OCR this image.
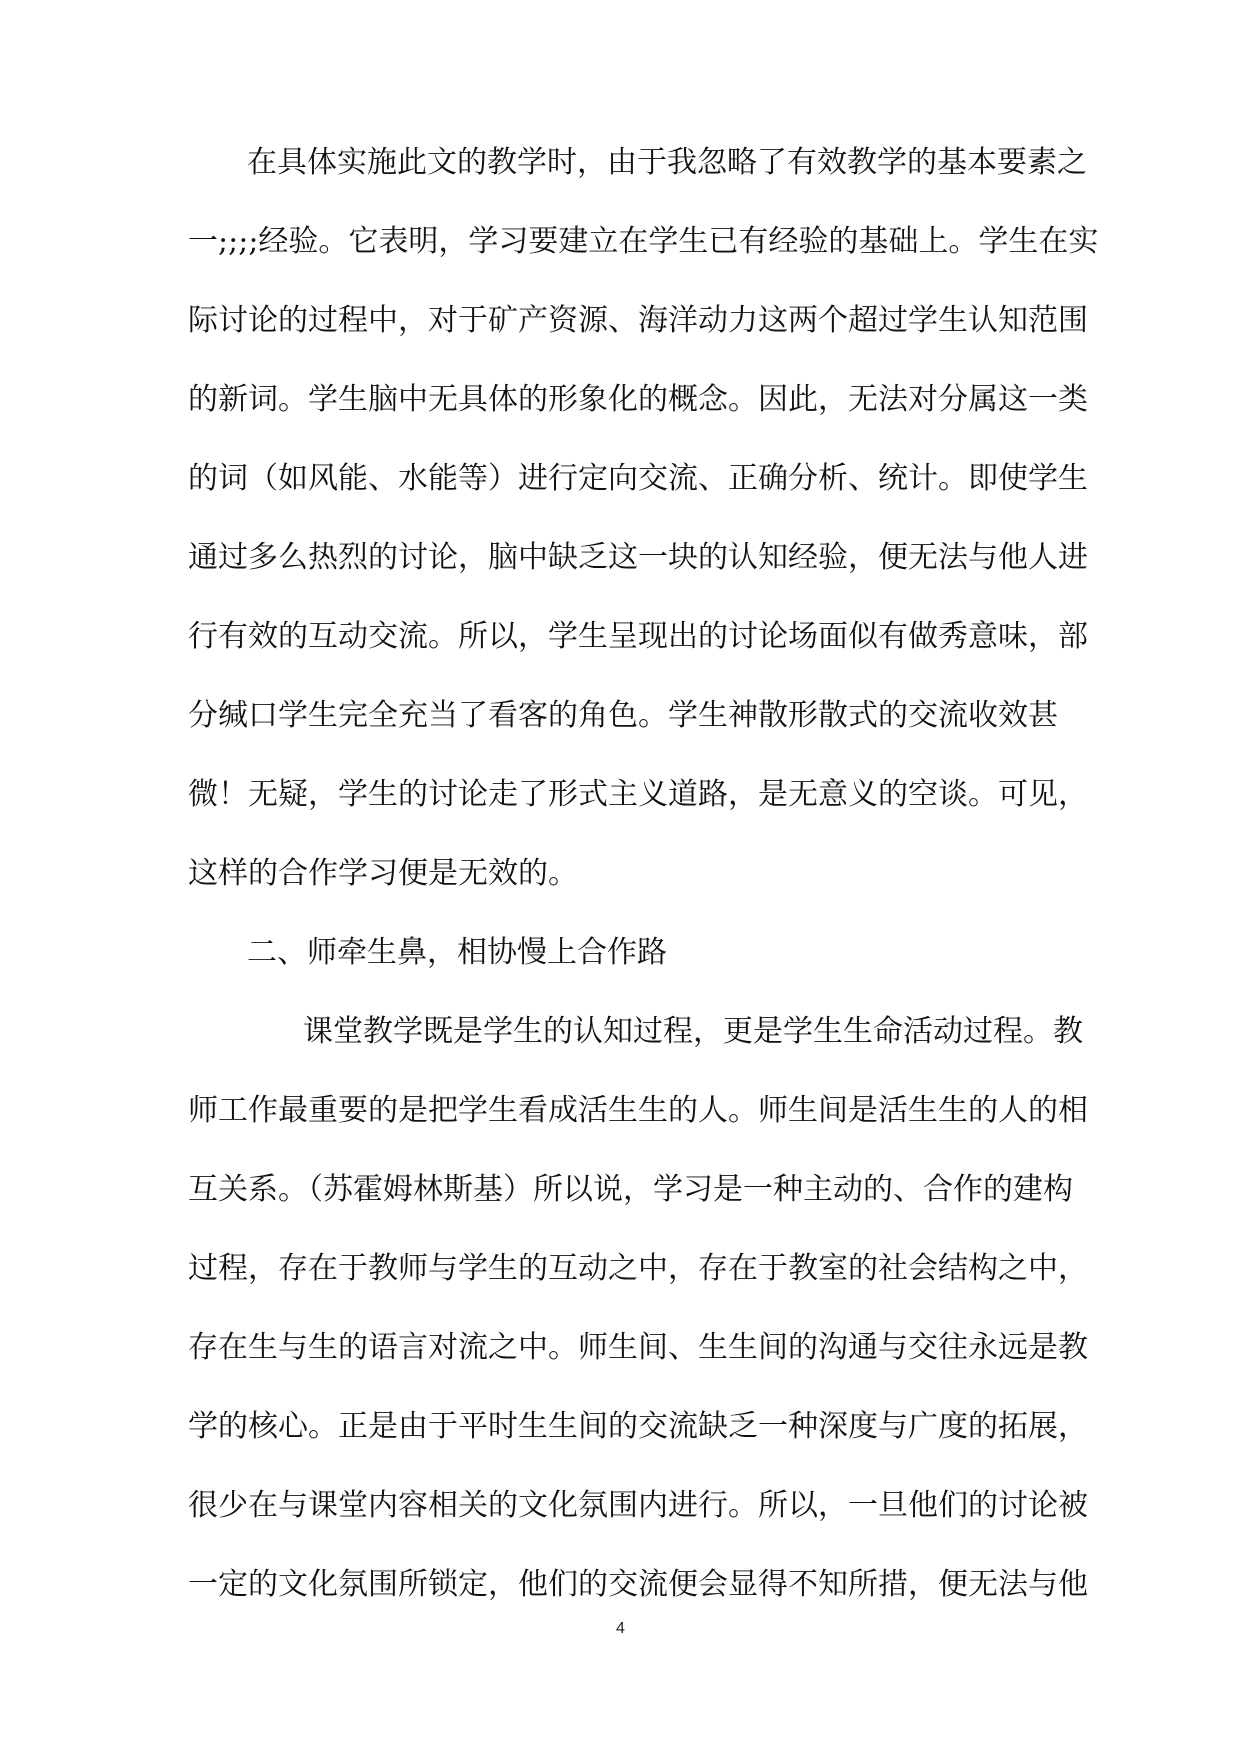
在具体实施此文的教学时，由于我忽略了有效教学的基本要素之
一;;;;经验。它表明，学习要建立在学生已有经验的基础上。学生在实
际讨论的过程中，对于矿产资源、海洋动力这两个超过学生认知范围
的新词。学生脑中无具体的形象化的概念。因此，无法对分属这一类
的词（如风能、水能等）进行定向交流、正确分析、统计。即使学生
通过多么热烈的讨论，脑中缺乏这一块的认知经验，便无法与他人进
行有效的互动交流。所以，学生呈现出的讨论场面似有做秀意味，部
分缄口学生完全充当了看客的角色。学生神散形散式的交流收效甚
微！无疑，学生的讨论走了形式主义道路，是无意义的空谈。可见，
这样的合作学习便是无效的。
二、师牵生鼻，相协慢上合作路
课堂教学既是学生的认知过程，更是学生生命活动过程。教
师工作最重要的是把学生看成活生生的人。师生间是活生生的人的相
互关系。（苏霍姆林斯基）所以说，学习是一种主动的、合作的建构
过程，存在于教师与学生的互动之中，存在于教室的社会结构之中，
存在生与生的语言对流之中。师生间、生生间的沟通与交往永远是教
学的核心。正是由于平时生生间的交流缺乏一种深度与广度的拓展，
很少在与课堂内容相关的文化氛围内进行。所以，一旦他们的讨论被
一定的文化氛围所锁定，他们的交流便会显得不知所措，便无法与他
4
